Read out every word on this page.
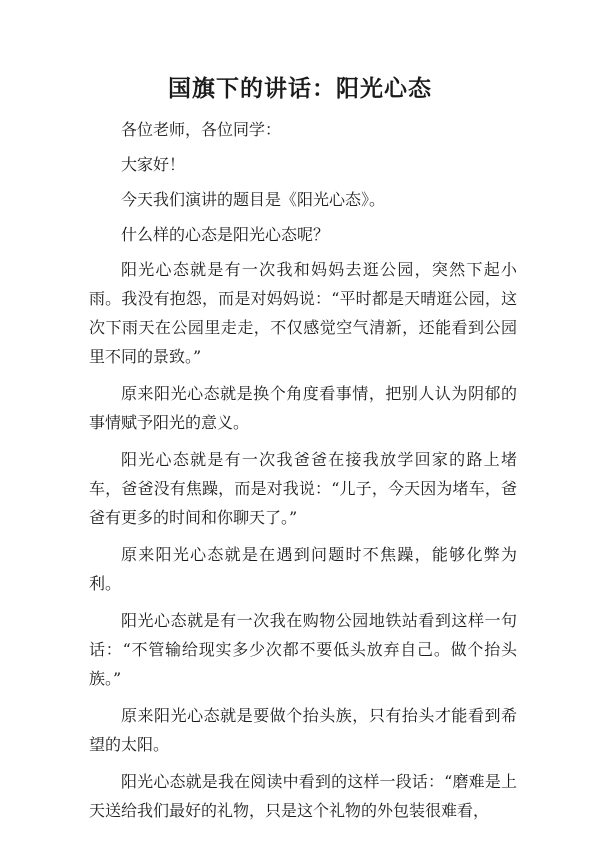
国旗下的讲话：阳光心态

各位老师，各位同学：

大家好！

今天我们演讲的题目是《阳光心态》。

什么样的心态是阳光心态呢？

阳光心态就是有一次我和妈妈去逛公园，突然下起小雨。我没有抱怨，而是对妈妈说：“平时都是天晴逛公园，这次下雨天在公园里走走，不仅感觉空气清新，还能看到公园里不同的景致。”

原来阳光心态就是换个角度看事情，把别人认为阴郁的事情赋予阳光的意义。

阳光心态就是有一次我爸爸在接我放学回家的路上堵车，爸爸没有焦躁，而是对我说：“儿子，今天因为堵车，爸爸有更多的时间和你聊天了。”

原来阳光心态就是在遇到问题时不焦躁，能够化弊为利。

阳光心态就是有一次我在购物公园地铁站看到这样一句话：“不管输给现实多少次都不要低头放弃自己。做个抬头族。”

原来阳光心态就是要做个抬头族，只有抬头才能看到希望的太阳。

阳光心态就是我在阅读中看到的这样一段话：“磨难是上天送给我们最好的礼物，只是这个礼物的外包装很难看，
